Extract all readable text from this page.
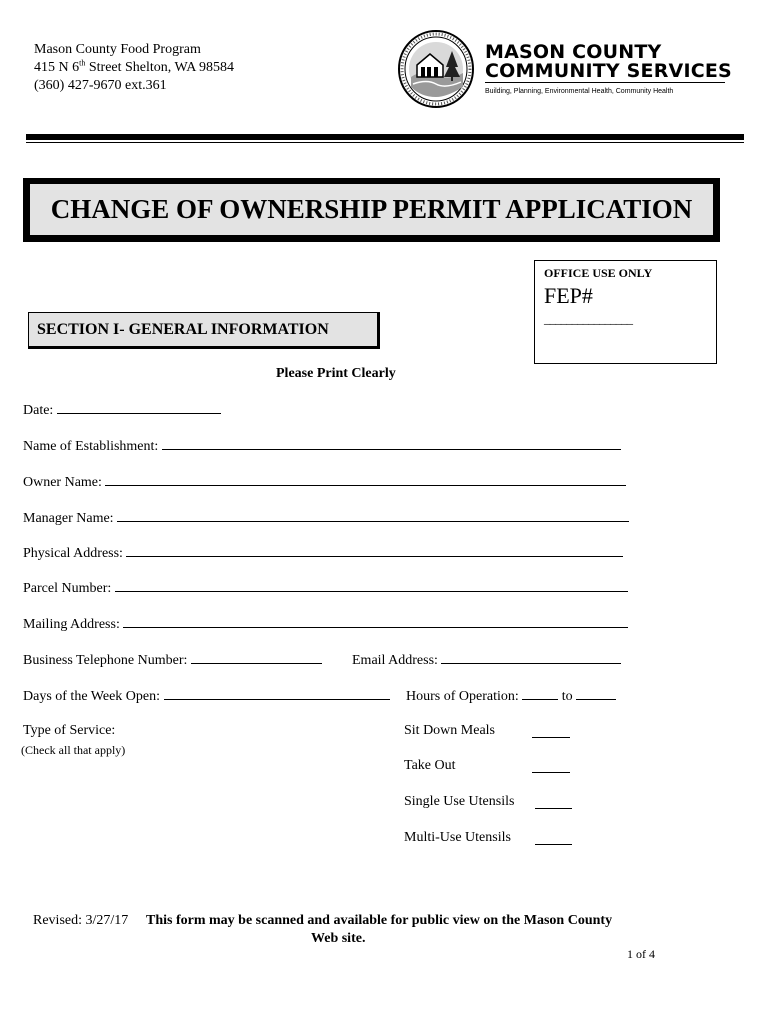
Mason County Food Program
415 N 6th Street Shelton, WA 98584
(360) 427-9670 ext.361
MASON COUNTY
COMMUNITY SERVICES
Building, Planning, Environmental Health, Community Health
CHANGE OF OWNERSHIP PERMIT APPLICATION
OFFICE USE ONLY
FEP#
________________
SECTION I- GENERAL INFORMATION
Please Print Clearly
Date:
Name of Establishment:
Owner Name:
Manager Name:
Physical Address:
Parcel Number:
Mailing Address:
Business Telephone Number:	Email Address:
Days of the Week Open:	Hours of Operation:	to
Type of Service:
(Check all that apply)
Sit Down Meals
Take Out
Single Use Utensils
Multi-Use Utensils
Revised: 3/27/17 This form may be scanned and available for public view on the Mason County
Web site.
1 of 4
